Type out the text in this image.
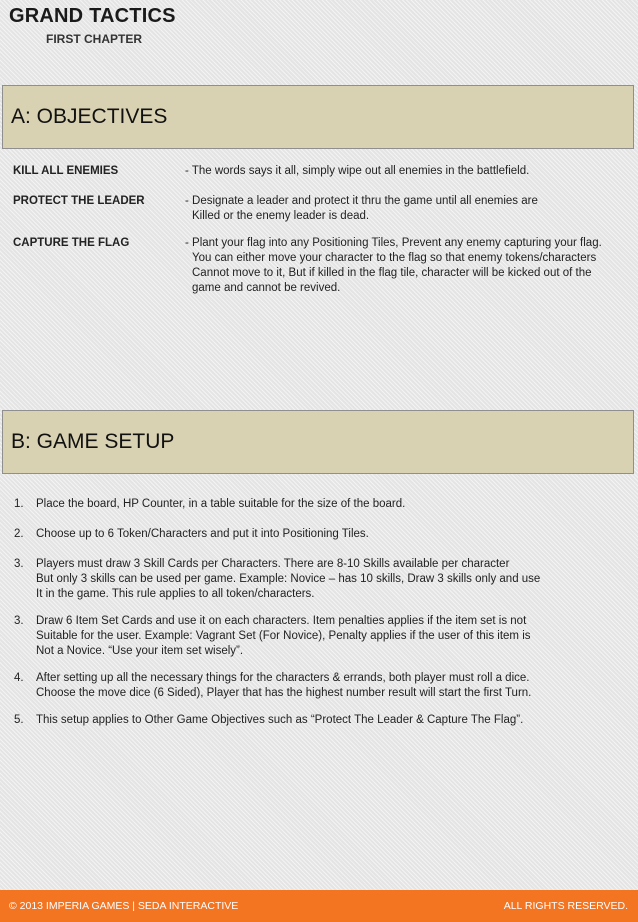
GRAND TACTICS
FIRST CHAPTER
A: OBJECTIVES
KILL ALL ENEMIES	- The words says it all, simply wipe out all enemies in the battlefield.
PROTECT THE LEADER	- Designate a leader and protect it thru the game until all enemies are
Killed or the enemy leader is dead.
CAPTURE THE FLAG	- Plant your flag into any Positioning Tiles, Prevent any enemy capturing your flag.
You can either move your character to the flag so that enemy tokens/characters
Cannot move to it, But if killed in the flag tile, character will be kicked out of the
game and cannot be revived.
B: GAME SETUP
1. Place the board, HP Counter, in a table suitable for the size of the board.
2. Choose up to 6 Token/Characters and put it into Positioning Tiles.
3. Players must draw 3 Skill Cards per Characters. There are 8-10 Skills available per character
But only 3 skills can be used per game. Example: Novice – has 10 skills, Draw 3 skills only and use
It in the game. This rule applies to all token/characters.
3. Draw 6 Item Set Cards and use it on each characters. Item penalties applies if the item set is not
Suitable for the user. Example: Vagrant Set (For Novice), Penalty applies if the user of this item is
Not a Novice. “Use your item set wisely”.
4. After setting up all the necessary things for the characters & errands, both player must roll a dice.
Choose the move dice (6 Sided), Player that has the highest number result will start the first Turn.
5. This setup applies to Other Game Objectives such as “Protect The Leader & Capture The Flag”.
© 2013 IMPERIA GAMES | SEDA INTERACTIVE	ALL RIGHTS RESERVED.
